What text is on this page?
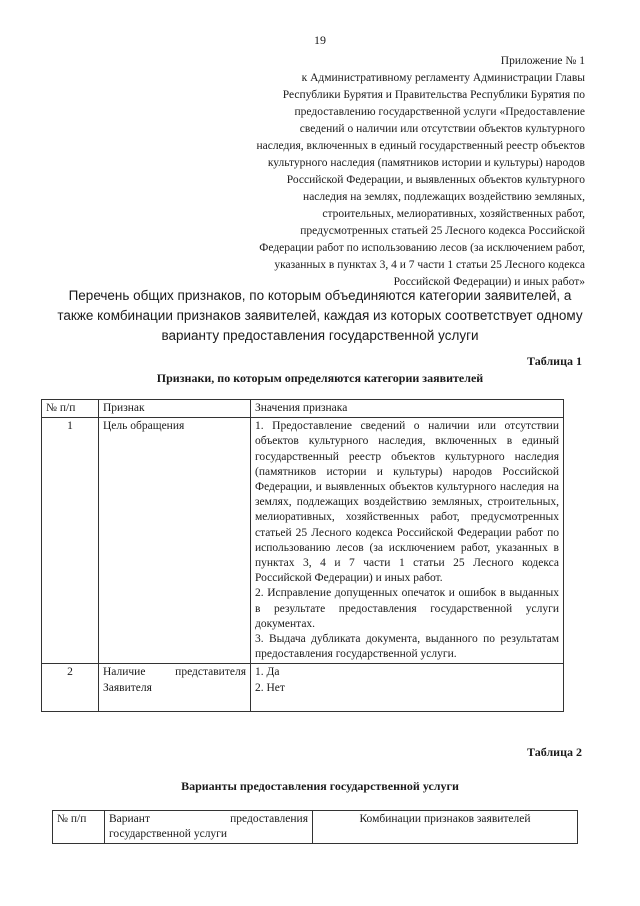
19
Приложение № 1
к Административному регламенту Администрации Главы
Республики Бурятия и Правительства Республики Бурятия по
предоставлению государственной услуги «Предоставление
сведений о наличии или отсутствии объектов культурного
наследия, включенных в единый государственный реестр объектов
культурного наследия (памятников истории и культуры) народов
Российской Федерации, и выявленных объектов культурного
наследия на землях, подлежащих воздействию земляных,
строительных, мелиоративных, хозяйственных работ,
предусмотренных статьей 25 Лесного кодекса Российской
Федерации работ по использованию лесов (за исключением работ,
указанных в пунктах 3, 4 и 7 части 1 статьи 25 Лесного кодекса
Российской Федерации) и иных работ»
Перечень общих признаков, по которым объединяются категории заявителей, а
также комбинации признаков заявителей, каждая из которых соответствует одному
варианту предоставления государственной услуги
Таблица 1
Признаки, по которым определяются категории заявителей
№ п/п	Признак	Значения признака
1	Цель обращения	1. Предоставление сведений о наличии или отсутствии объектов культурного наследия, включенных в единый государственный реестр объектов культурного наследия (памятников истории и культуры) народов Российской Федерации, и выявленных объектов культурного наследия на землях, подлежащих воздействию земляных, строительных, мелиоративных, хозяйственных работ, предусмотренных статьей 25 Лесного кодекса Российской Федерации работ по использованию лесов (за исключением работ, указанных в пунктах 3, 4 и 7 части 1 статьи 25 Лесного кодекса Российской Федерации) и иных работ.
2. Исправление допущенных опечаток и ошибок в выданных в результате предоставления государственной услуги документах.
3. Выдача дубликата документа, выданного по результатам предоставления государственной услуги.

2	Наличие представителя Заявителя	1. Да
2. Нет
Таблица 2
Варианты предоставления государственной услуги
№ п/п	Вариант предоставления государственной услуги	Комбинации признаков заявителей
